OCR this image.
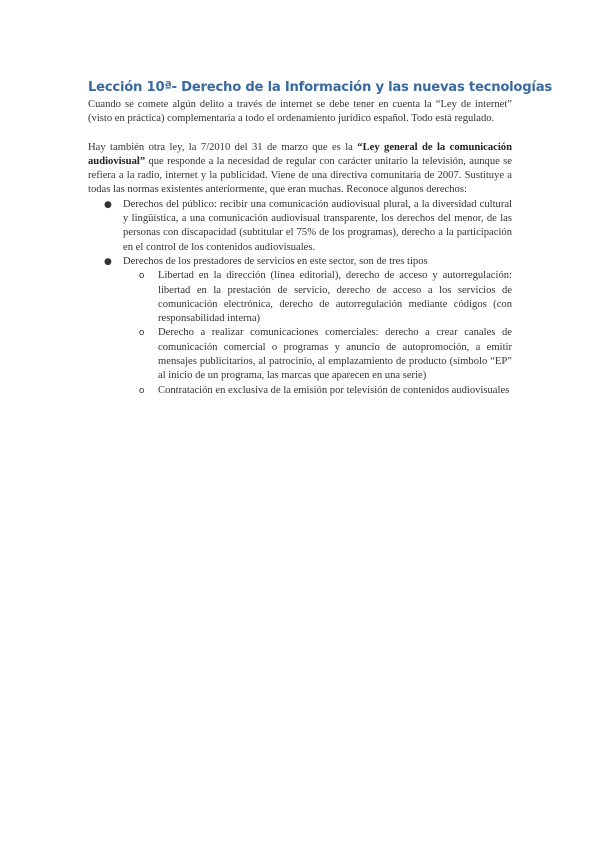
Lección 10ª- Derecho de la Información y las nuevas tecnologías

Cuando se comete algún delito a través de internet se debe tener en cuenta la “Ley de internet” (visto en práctica) complementaria a todo el ordenamiento jurídico español. Todo está regulado.

Hay también otra ley, la 7/2010 del 31 de marzo que es la “Ley general de la comunicación audiovisual” que responde a la necesidad de regular con carácter unitario la televisión, aunque se refiera a la radio, internet y la publicidad. Viene de una directiva comunitaria de 2007. Sustituye a todas las normas existentes anteriormente, que eran muchas. Reconoce algunos derechos:

● Derechos del público: recibir una comunicación audiovisual plural, a la diversidad cultural y lingüística, a una comunicación audiovisual transparente, los derechos del menor, de las personas con discapacidad (subtitular el 75% de los programas), derecho a la participación en el control de los contenidos audiovisuales.
● Derechos de los prestadores de servicios en este sector, son de tres tipos
o Libertad en la dirección (línea editorial), derecho de acceso y autorregulación: libertad en la prestación de servicio, derecho de acceso a los servicios de comunicación electrónica, derecho de autorregulación mediante códigos (con responsabilidad interna)
o Derecho a realizar comunicaciones comerciales: derecho a crear canales de comunicación comercial o programas y anuncio de autopromoción, a emitir mensajes publicitarios, al patrocinio, al emplazamiento de producto (símbolo “EP” al inicio de un programa, las marcas que aparecen en una serie)
o Contratación en exclusiva de la emisión por televisión de contenidos audiovisuales
